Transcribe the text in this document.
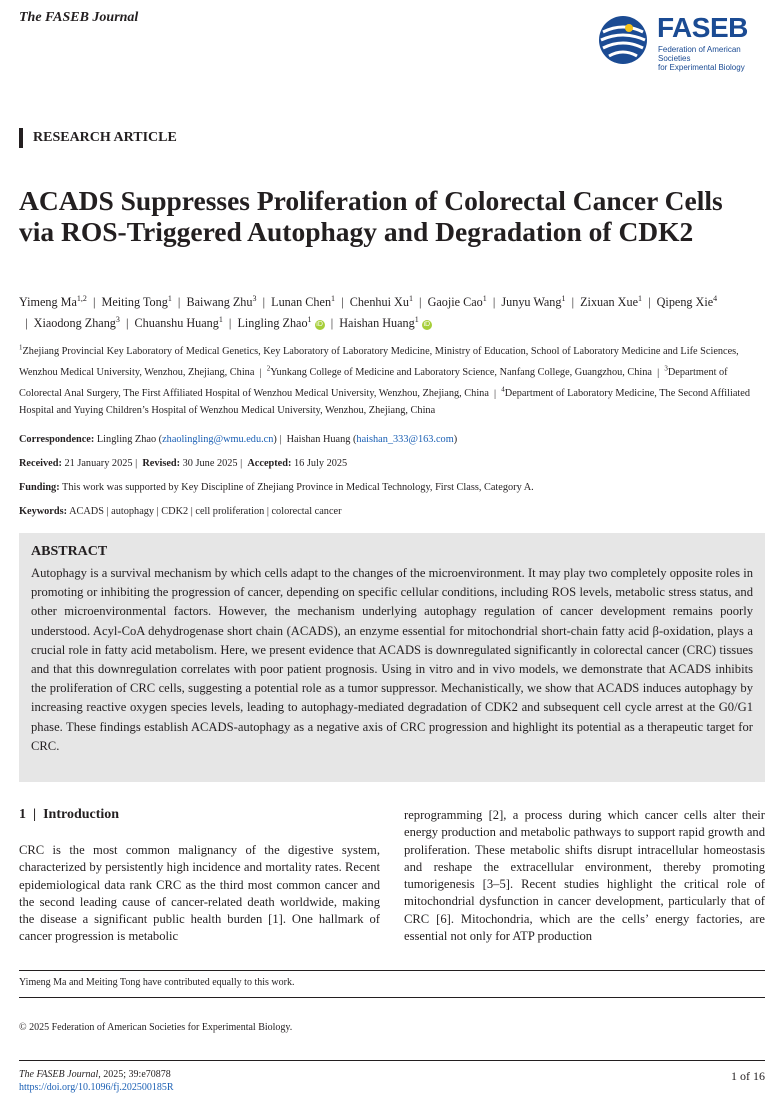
The FASEB Journal	FASEB
Federation of American Societies
for Experimental Biology
RESEARCH ARTICLE
ACADS Suppresses Proliferation of Colorectal Cancer Cells via ROS-Triggered Autophagy and Degradation of CDK2
Yimeng Ma$^{1,2}$  |  Meiting Tong$^1$  |  Baiwang Zhu$^3$  |  Lunan Chen$^1$  |  Chenhui Xu$^1$  |  Gaojie Cao$^1$  |  Junyu Wang$^1$  |  Zixuan Xue$^1$  |  Qipeng Xie$^4$  |  Xiaodong Zhang$^3$  |  Chuanshu Huang$^1$  |  Lingling Zhao$^1$ iD  |  Haishan Huang$^1$ iD
$^1$Zhejiang Provincial Key Laboratory of Medical Genetics, Key Laboratory of Laboratory Medicine, Ministry of Education, School of Laboratory Medicine and Life Sciences, Wenzhou Medical University, Wenzhou, Zhejiang, China  |  $^2$Yunkang College of Medicine and Laboratory Science, Nanfang College, Guangzhou, China  |  $^3$Department of Colorectal Anal Surgery, The First Affiliated Hospital of Wenzhou Medical University, Wenzhou, Zhejiang, China  |  $^4$Department of Laboratory Medicine, The Second Affiliated Hospital and Yuying Children’s Hospital of Wenzhou Medical University, Wenzhou, Zhejiang, China
Correspondence: Lingling Zhao (zhaolingling@wmu.edu.cn) |  Haishan Huang (haishan_333@163.com)
Received: 21 January 2025 |  Revised: 30 June 2025 |  Accepted: 16 July 2025
Funding: This work was supported by Key Discipline of Zhejiang Province in Medical Technology, First Class, Category A.
Keywords: ACADS | autophagy | CDK2 | cell proliferation | colorectal cancer
ABSTRACT
Autophagy is a survival mechanism by which cells adapt to the changes of the microenvironment. It may play two completely opposite roles in promoting or inhibiting the progression of cancer, depending on specific cellular conditions, including ROS levels, metabolic stress status, and other microenvironmental factors. However, the mechanism underlying autophagy regulation of cancer development remains poorly understood. Acyl-CoA dehydrogenase short chain (ACADS), an enzyme essential for mitochondrial short-chain fatty acid β-oxidation, plays a crucial role in fatty acid metabolism. Here, we present evidence that ACADS is downregulated significantly in colorectal cancer (CRC) tissues and that this downregulation correlates with poor patient prognosis. Using in vitro and in vivo models, we demonstrate that ACADS inhibits the proliferation of CRC cells, suggesting a potential role as a tumor suppressor. Mechanistically, we show that ACADS induces autophagy by increasing reactive oxygen species levels, leading to autophagy-mediated degradation of CDK2 and subsequent cell cycle arrest at the G0/G1 phase. These findings establish ACADS-autophagy as a negative axis of CRC progression and highlight its potential as a therapeutic target for CRC.
1  |  Introduction
CRC is the most common malignancy of the digestive system, characterized by persistently high incidence and mortality rates. Recent epidemiological data rank CRC as the third most common cancer and the second leading cause of cancer-related death worldwide, making the disease a significant public health burden [1]. One hallmark of cancer progression is metabolic
reprogramming [2], a process during which cancer cells alter their energy production and metabolic pathways to support rapid growth and proliferation. These metabolic shifts disrupt intracellular homeostasis and reshape the extracellular environment, thereby promoting tumorigenesis [3–5]. Recent studies highlight the critical role of mitochondrial dysfunction in cancer development, particularly that of CRC [6]. Mitochondria, which are the cells’ energy factories, are essential not only for ATP production
Yimeng Ma and Meiting Tong have contributed equally to this work.
© 2025 Federation of American Societies for Experimental Biology.
The FASEB Journal, 2025; 39:e70878
https://doi.org/10.1096/fj.202500185R
1 of 16
